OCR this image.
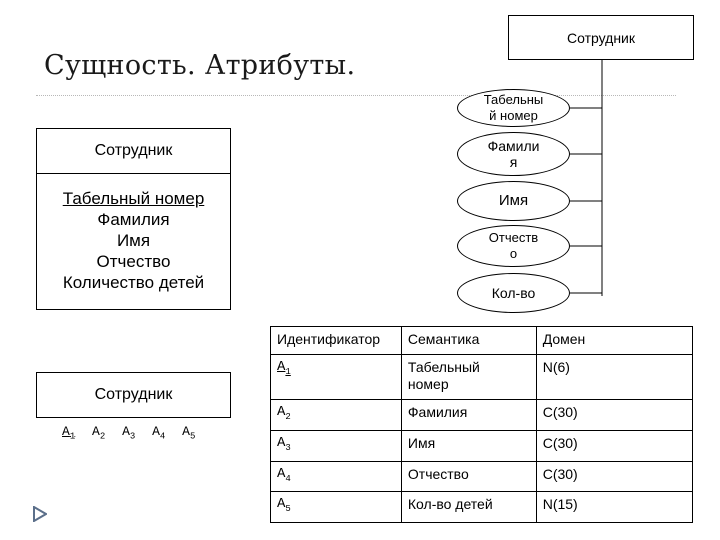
Сущность. Атрибуты.
Сотрудник
Табельны й номер
Фамили я
Имя
Отчеств о
Кол-во
Сотрудник
Табельный номер
Фамилия
Имя
Отчество
Количество детей
Сотрудник
$A_1$ $A_2$ $A_3$ $A_4$ $A_5$
Идентификатор	Семантика	Домен
$A_1$	Табельный номер	N(6)
$A_2$	Фамилия	C(30)
$A_3$	Имя	C(30)
$A_4$	Отчество	C(30)
$A_5$	Кол-во детей	N(15)
